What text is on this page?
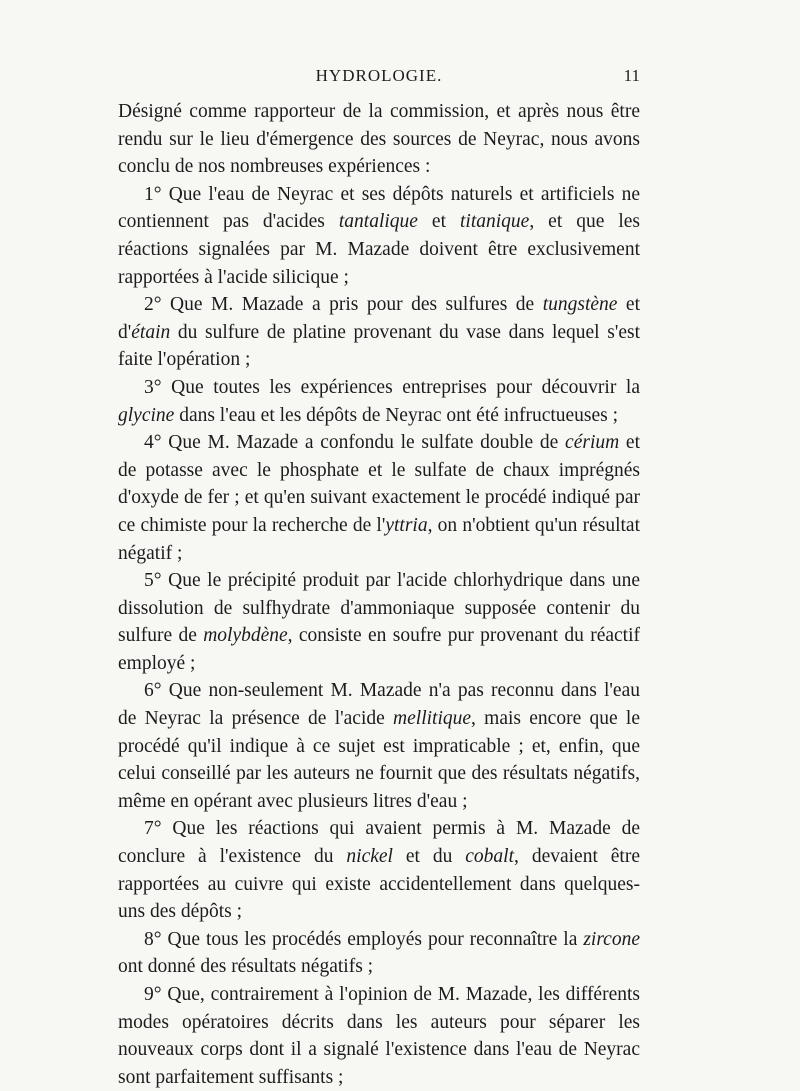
HYDROLOGIE.	11

Désigné comme rapporteur de la commission, et après nous être rendu sur le lieu d'émergence des sources de Neyrac, nous avons conclu de nos nombreuses expériences :

1° Que l'eau de Neyrac et ses dépôts naturels et artificiels ne contiennent pas d'acides tantalique et titanique, et que les réactions signalées par M. Mazade doivent être exclusivement rapportées à l'acide silicique ;

2° Que M. Mazade a pris pour des sulfures de tungstène et d'étain du sulfure de platine provenant du vase dans lequel s'est faite l'opération ;

3° Que toutes les expériences entreprises pour découvrir la glycine dans l'eau et les dépôts de Neyrac ont été infructueuses ;

4° Que M. Mazade a confondu le sulfate double de cérium et de potasse avec le phosphate et le sulfate de chaux imprégnés d'oxyde de fer ; et qu'en suivant exactement le procédé indiqué par ce chimiste pour la recherche de l'yttria, on n'obtient qu'un résultat négatif ;

5° Que le précipité produit par l'acide chlorhydrique dans une dissolution de sulfhydrate d'ammoniaque supposée contenir du sulfure de molybdène, consiste en soufre pur provenant du réactif employé ;

6° Que non-seulement M. Mazade n'a pas reconnu dans l'eau de Neyrac la présence de l'acide mellitique, mais encore que le procédé qu'il indique à ce sujet est impraticable ; et, enfin, que celui conseillé par les auteurs ne fournit que des résultats négatifs, même en opérant avec plusieurs litres d'eau ;

7° Que les réactions qui avaient permis à M. Mazade de conclure à l'existence du nickel et du cobalt, devaient être rapportées au cuivre qui existe accidentellement dans quelques-uns des dépôts ;

8° Que tous les procédés employés pour reconnaître la zircone ont donné des résultats négatifs ;

9° Que, contrairement à l'opinion de M. Mazade, les différents modes opératoires décrits dans les auteurs pour séparer les nouveaux corps dont il a signalé l'existence dans l'eau de Neyrac sont parfaitement suffisants ;
